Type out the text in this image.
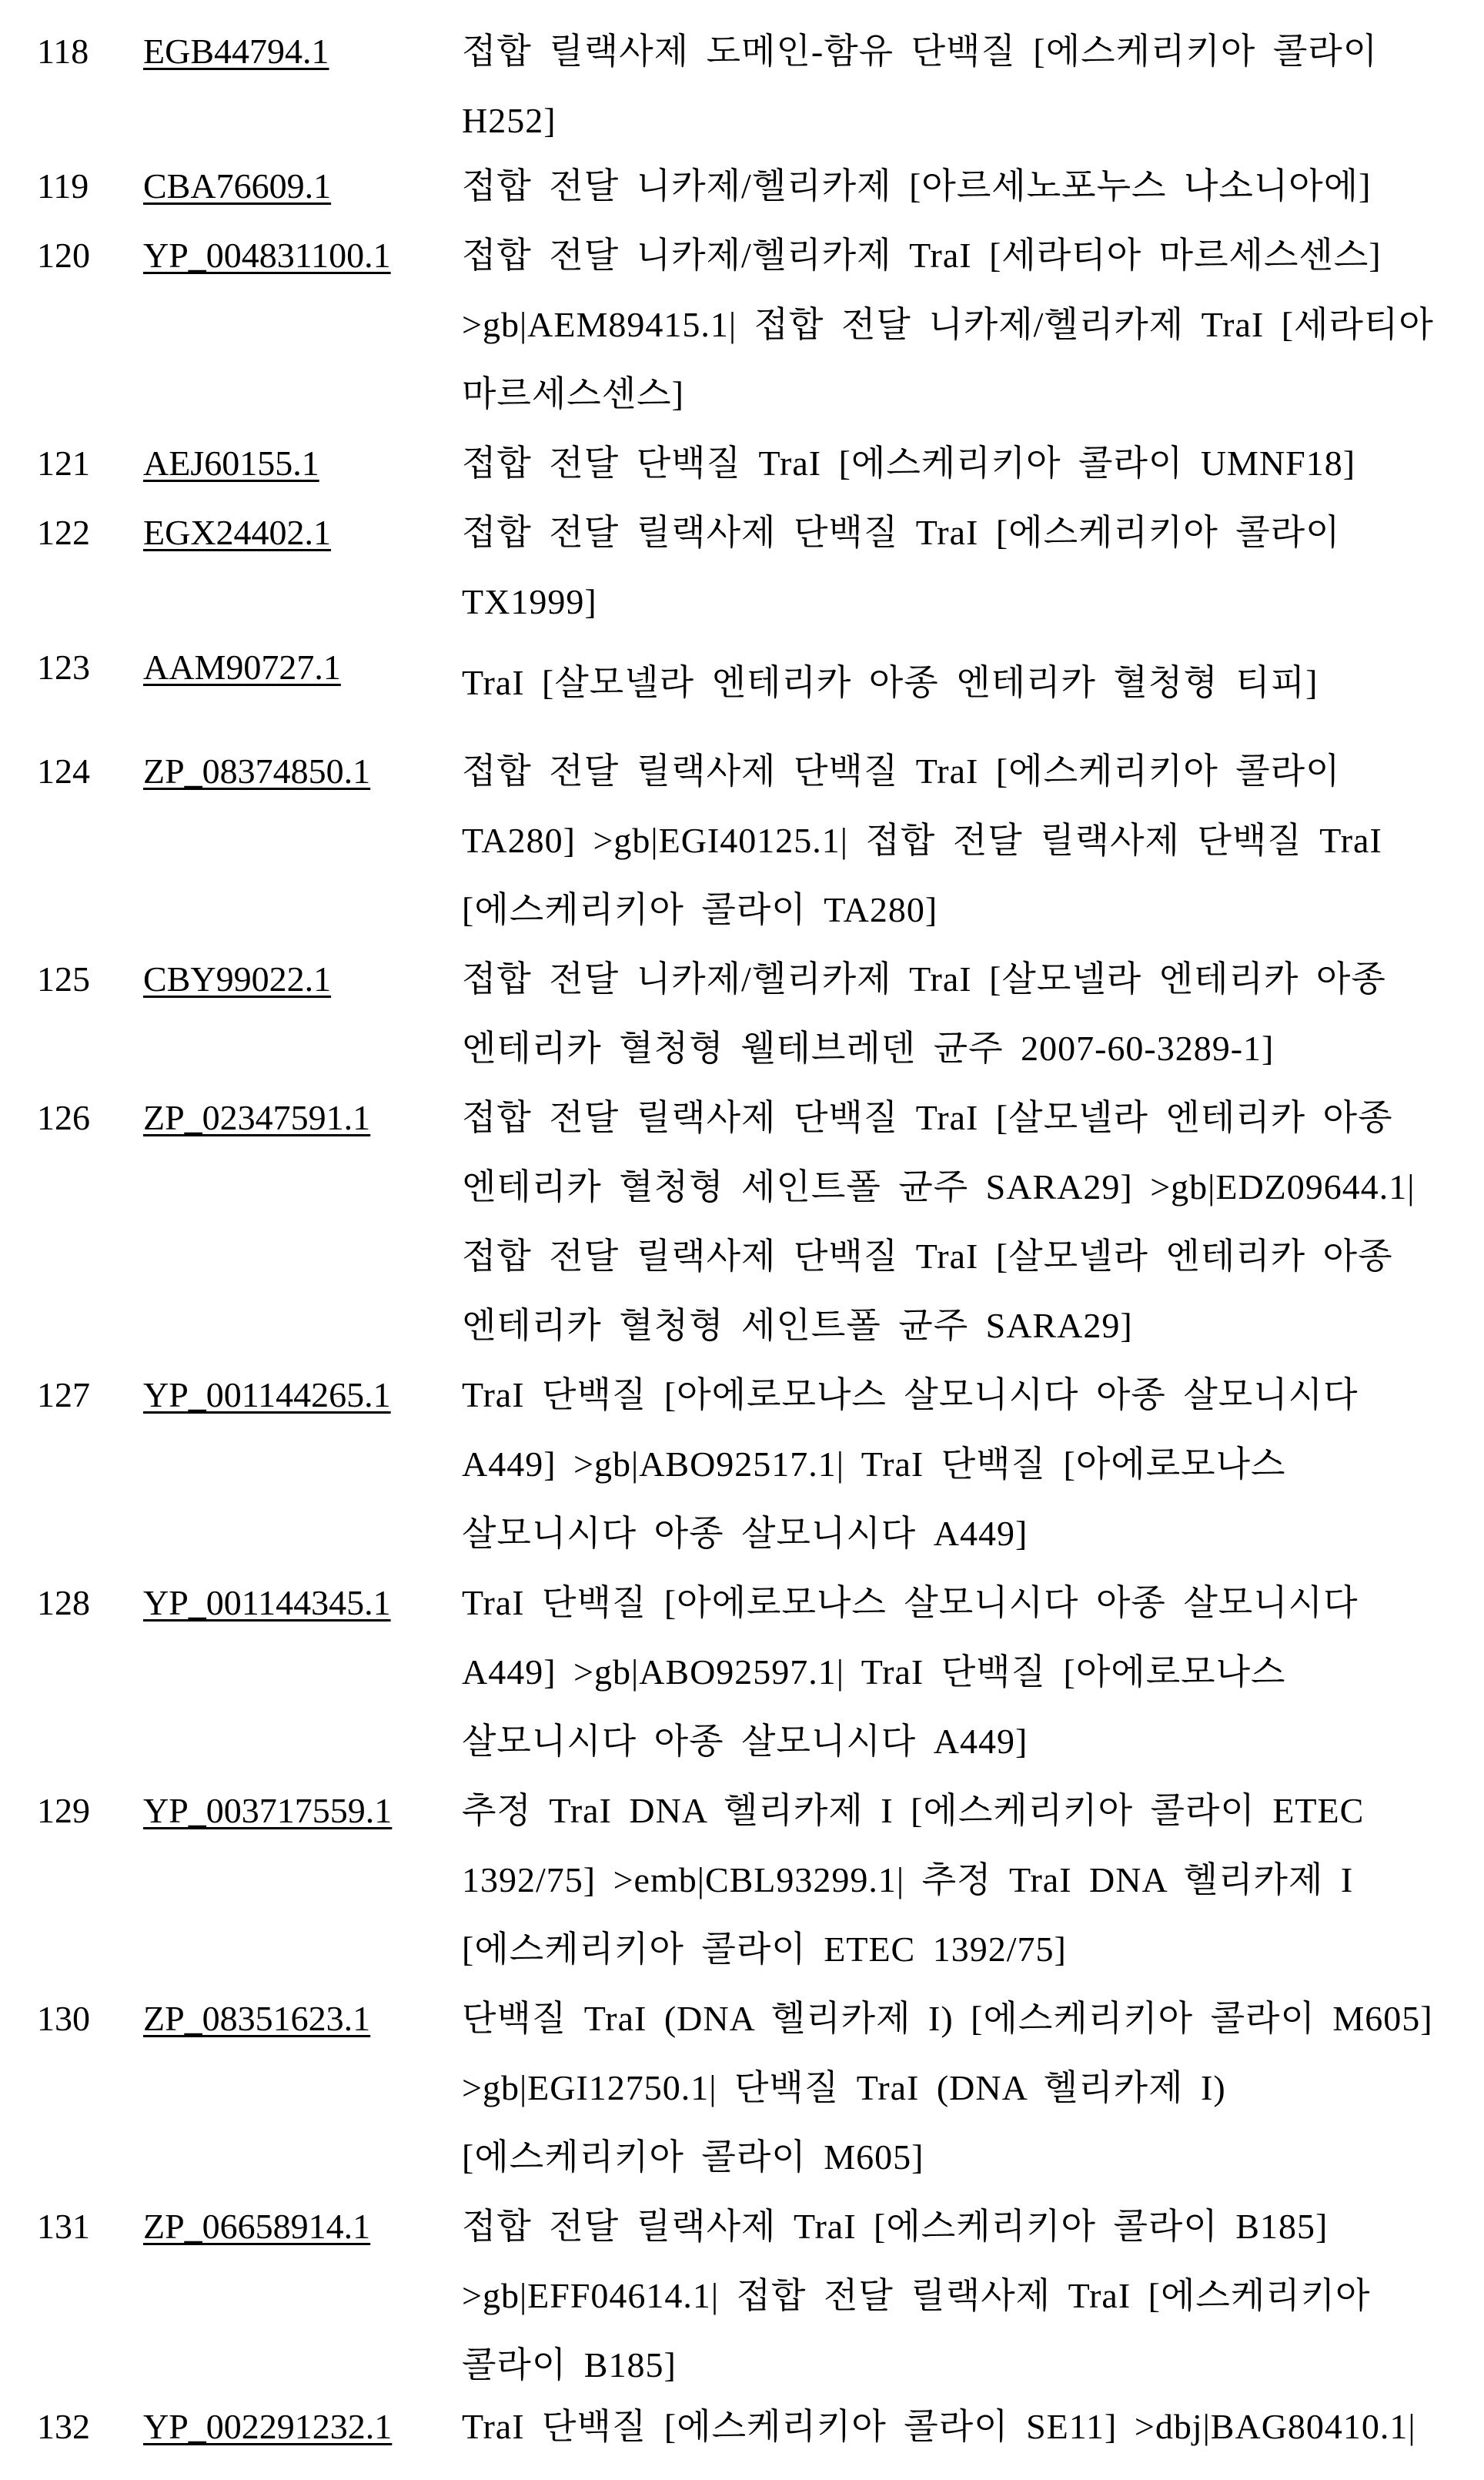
118 EGB44794.1	접합 릴랙사제 도메인-함유 단백질 [에스케리키아 콜라이
H252]
119 CBA76609.1	접합 전달 니카제/헬리카제 [아르세노포누스 나소니아에]
120 YP_004831100.1 접합 전달 니카제/헬리카제 TraI [세라티아 마르세스센스]
>gb|AEM89415.1| 접합 전달 니카제/헬리카제 TraI [세라티아
마르세스센스]
121 AEJ60155.1	접합 전달 단백질 TraI [에스케리키아 콜라이 UMNF18]
122 EGX24402.1	접합 전달 릴랙사제 단백질 TraI [에스케리키아 콜라이
TX1999]
123 AAM90727.1	TraI [살모넬라 엔테리카 아종 엔테리카 혈청형 티피]
124 ZP_08374850.1	접합 전달 릴랙사제 단백질 TraI [에스케리키아 콜라이
TA280] >gb|EGI40125.1| 접합 전달 릴랙사제 단백질 TraI
[에스케리키아 콜라이 TA280]
125 CBY99022.1	접합 전달 니카제/헬리카제 TraI [살모넬라 엔테리카 아종
엔테리카 혈청형 웰테브레덴 균주 2007-60-3289-1]
126 ZP_02347591.1	접합 전달 릴랙사제 단백질 TraI [살모넬라 엔테리카 아종
엔테리카 혈청형 세인트폴 균주 SARA29] >gb|EDZ09644.1|
접합 전달 릴랙사제 단백질 TraI [살모넬라 엔테리카 아종
엔테리카 혈청형 세인트폴 균주 SARA29]
127 YP_001144265.1 TraI 단백질 [아에로모나스 살모니시다 아종 살모니시다
A449] >gb|ABO92517.1| TraI 단백질 [아에로모나스
살모니시다 아종 살모니시다 A449]
128 YP_001144345.1 TraI 단백질 [아에로모나스 살모니시다 아종 살모니시다
A449] >gb|ABO92597.1| TraI 단백질 [아에로모나스
살모니시다 아종 살모니시다 A449]
129 YP_003717559.1 추정 TraI DNA 헬리카제 I [에스케리키아 콜라이 ETEC
1392/75] >emb|CBL93299.1| 추정 TraI DNA 헬리카제 I
[에스케리키아 콜라이 ETEC 1392/75]
130 ZP_08351623.1	단백질 TraI (DNA 헬리카제 I) [에스케리키아 콜라이 M605]
>gb|EGI12750.1| 단백질 TraI (DNA 헬리카제 I)
[에스케리키아 콜라이 M605]
131 ZP_06658914.1	접합 전달 릴랙사제 TraI [에스케리키아 콜라이 B185]
>gb|EFF04614.1| 접합 전달 릴랙사제 TraI [에스케리키아
콜라이 B185]
132 YP_002291232.1 TraI 단백질 [에스케리키아 콜라이 SE11] >dbj|BAG80410.1|
